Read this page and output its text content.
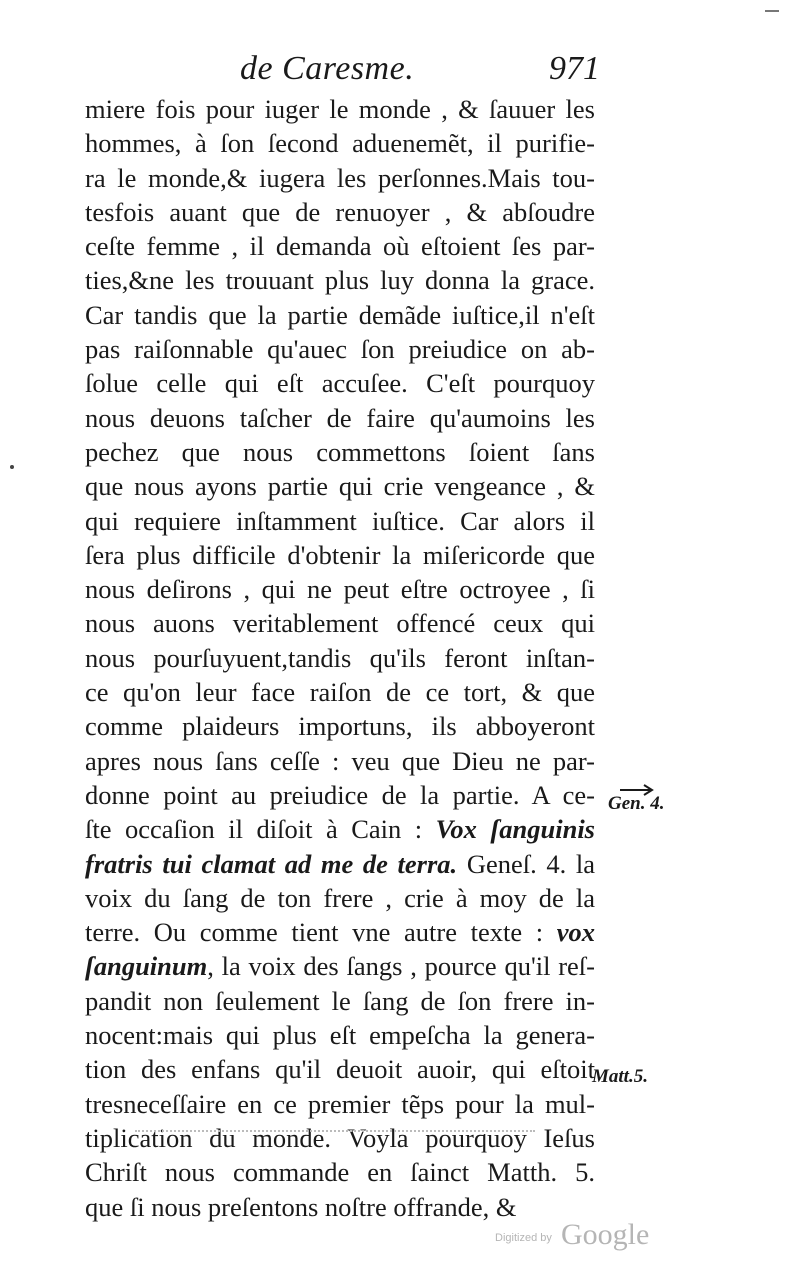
de Caresme.	971
miere fois pour iuger le monde , & ſauuer les
hommes, à ſon ſecond aduenemẽt, il purifie-
ra le monde,& iugera les perſonnes.Mais tou-
tesfois auant que de renuoyer , & abſoudre
ceſte femme , il demanda où eſtoient ſes par-
ties,&ne les trouuant plus luy donna la grace.
Car tandis que la partie demãde iuſtice,il n'eſt
pas raiſonnable qu'auec ſon preiudice on ab-
ſolue celle qui eſt accuſee. C'eſt pourquoy
nous deuons taſcher de faire qu'aumoins les
pechez que nous commettons ſoient ſans
que nous ayons partie qui crie vengeance , &
qui requiere inſtamment iuſtice. Car alors il
ſera plus difficile d'obtenir la miſericorde que
nous deſirons , qui ne peut eſtre octroyee , ſi
nous auons veritablement offencé ceux qui
nous pourſuyuent,tandis qu'ils feront inſtan-
ce qu'on leur face raiſon de ce tort, & que
comme plaideurs importuns, ils abboyeront
apres nous ſans ceſſe : veu que Dieu ne par-
donne point au preiudice de la partie. A ce-
ſte occaſion il diſoit à Cain : Vox ſanguinis
fratris tui clamat ad me de terra. Geneſ. 4. la
voix du ſang de ton frere , crie à moy de la
terre. Ou comme tient vne autre texte : vox
ſanguinum, la voix des ſangs , pource qu'il reſ-
pandit non ſeulement le ſang de ſon frere in-
nocent:mais qui plus eſt empeſcha la genera-
tion des enfans qu'il deuoit auoir, qui eſtoit
tresneceſſaire en ce premier tẽps pour la mul-
tiplication du monde. Voyla pourquoy Ieſus
Chriſt nous commande en ſainct Matth. 5.
que ſi nous preſentons noſtre offrande, &
Gen. 4.
Matt.5.
Digitized by Google
